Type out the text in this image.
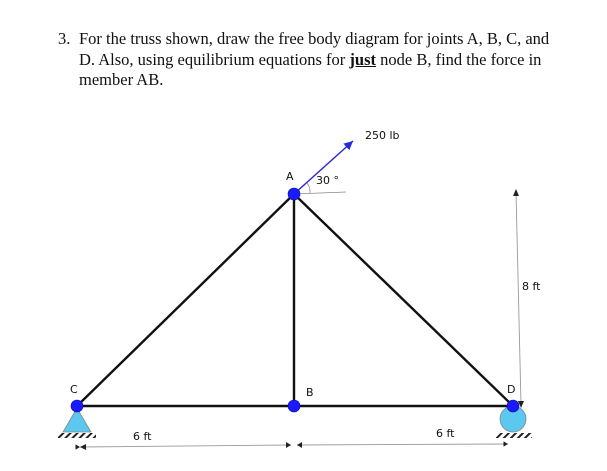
3. For the truss shown, draw the free body diagram for joints A, B, C, and D. Also, using equilibrium equations for just node B, find the force in member AB.
250 lb
30 °
A
B
C	D
6 ft	6 ft
8 ft
